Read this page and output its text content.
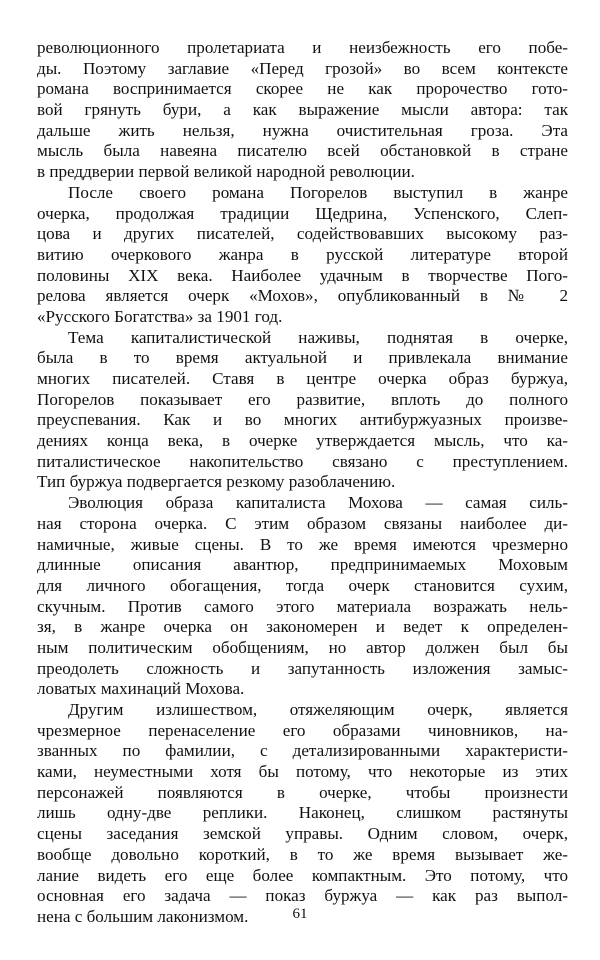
революционного пролетариата и неизбежность его побе-
ды. Поэтому заглавие «Перед грозой» во всем контексте
романа воспринимается скорее не как пророчество гото-
вой грянуть бури, а как выражение мысли автора: так
дальше жить нельзя, нужна очистительная гроза. Эта
мысль была навеяна писателю всей обстановкой в стране
в преддверии первой великой народной революции.
После своего романа Погорелов выступил в жанре
очерка, продолжая традиции Щедрина, Успенского, Слеп-
цова и других писателей, содействовавших высокому раз-
витию очеркового жанра в русской литературе второй
половины XIX века. Наиболее удачным в творчестве Пого-
релова является очерк «Мохов», опубликованный в № 2
«Русского Богатства» за 1901 год.
Тема капиталистической наживы, поднятая в очерке,
была в то время актуальной и привлекала внимание
многих писателей. Ставя в центре очерка образ буржуа,
Погорелов показывает его развитие, вплоть до полного
преуспевания. Как и во многих антибуржуазных произве-
дениях конца века, в очерке утверждается мысль, что ка-
питалистическое накопительство связано с преступлением.
Тип буржуа подвергается резкому разоблачению.
Эволюция образа капиталиста Мохова — самая силь-
ная сторона очерка. С этим образом связаны наиболее ди-
намичные, живые сцены. В то же время имеются чрезмерно
длинные описания авантюр, предпринимаемых Моховым
для личного обогащения, тогда очерк становится сухим,
скучным. Против самого этого материала возражать нель-
зя, в жанре очерка он закономерен и ведет к определен-
ным политическим обобщениям, но автор должен был бы
преодолеть сложность и запутанность изложения замыс-
ловатых махинаций Мохова.
Другим излишеством, отяжеляющим очерк, является
чрезмерное перенаселение его образами чиновников, на-
званных по фамилии, с детализированными характеристи-
ками, неуместными хотя бы потому, что некоторые из этих
персонажей появляются в очерке, чтобы произнести
лишь одну-две реплики. Наконец, слишком растянуты
сцены заседания земской управы. Одним словом, очерк,
вообще довольно короткий, в то же время вызывает же-
лание видеть его еще более компактным. Это потому, что
основная его задача — показ буржуа — как раз выпол-
нена с большим лаконизмом.	61
